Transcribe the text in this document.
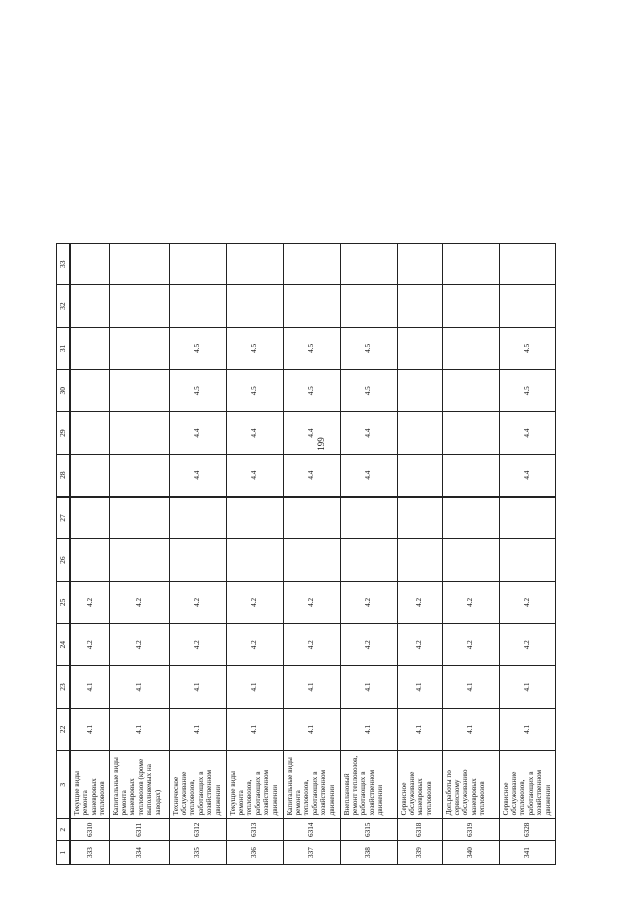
199
1	2	3	22	23	24	25	26	27	28	29	30	31	32	33
333	6310	Текущие виды ремонта маневровых тепловозов	4.1	4.1	4.2	4.2								
334	6311	Капитальные виды ремонта маневровых тепловозов (кроме выполняемых на заводах)	4.1	4.1	4.2	4.2								
335	6312	Техническое обслуживание тепловозов, работающих в хозяйственном движении	4.1	4.1	4.2	4.2			4.4	4.4	4.5	4.5		
336	6313	Текущие виды ремонта тепловозов, работающих в хозяйственном движении	4.1	4.1	4.2	4.2			4.4	4.4	4.5	4.5		
337	6314	Капитальные виды ремонта тепловозов, работающих в хозяйственном движении	4.1	4.1	4.2	4.2			4.4	4.4	4.5	4.5		
338	6315	Внеплановый ремонт тепловозов, работающих в хозяйственном движении	4.1	4.1	4.2	4.2			4.4	4.4	4.5	4.5		
339	6318	Сервисное обслуживание маневровых тепловозов	4.1	4.1	4.2	4.2								
340	6319	Доп.работы по сервисному обслуживанию маневровых тепловозов	4.1	4.1	4.2	4.2								
341	6328	Сервисное обслуживание тепловозов, работающих в хозяйственном движении	4.1	4.1	4.2	4.2			4.4	4.4	4.5	4.5		
